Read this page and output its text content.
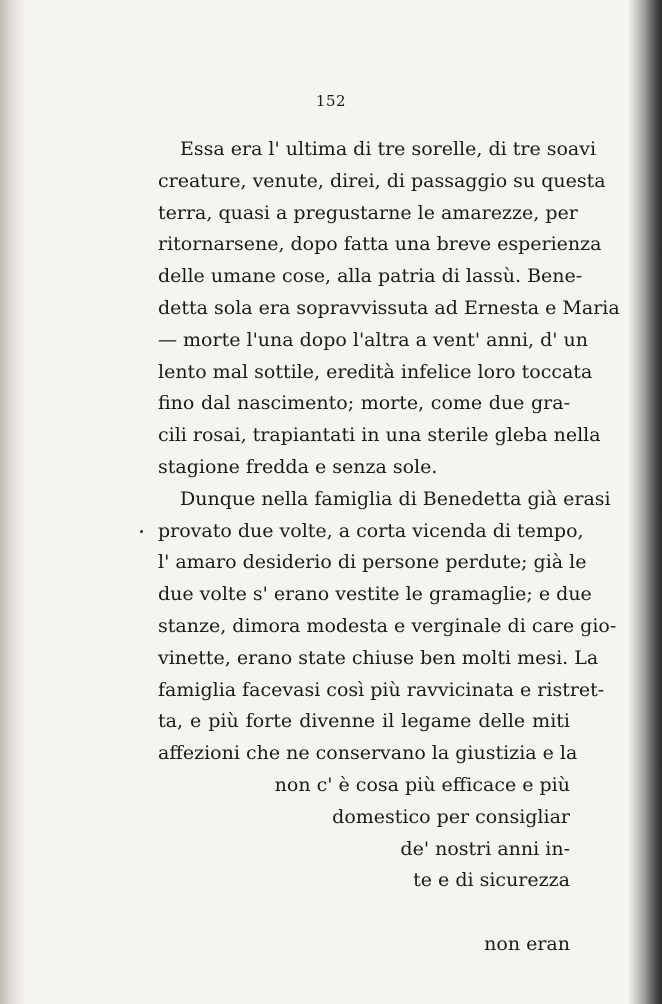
152
Essa era l' ultima di tre sorelle, di tre soavi
creature, venute, direi, di passaggio su questa
terra, quasi a pregustarne le amarezze, per
ritornarsene, dopo fatta una breve esperienza
delle umane cose, alla patria di lassù. Bene-
detta sola era sopravvissuta ad Ernesta e Maria
— morte l'una dopo l'altra a vent' anni, d' un
lento mal sottile, eredità infelice loro toccata
fino dal nascimento; morte, come due gra-
cili rosai, trapiantati in una sterile gleba nella
stagione fredda e senza sole.
Dunque nella famiglia di Benedetta già erasi
provato due volte, a corta vicenda di tempo,
l' amaro desiderio di persone perdute; già le
due volte s' erano vestite le gramaglie; e due
stanze, dimora modesta e verginale di care gio-
vinette, erano state chiuse ben molti mesi. La
famiglia facevasi così più ravvicinata e ristret-
ta, e più forte divenne il legame delle miti
affezioni che ne conservano la giustizia e la
non c' è cosa più efficace e più
domestico per consigliar
de' nostri anni in-
te e di sicurezza
non eran
